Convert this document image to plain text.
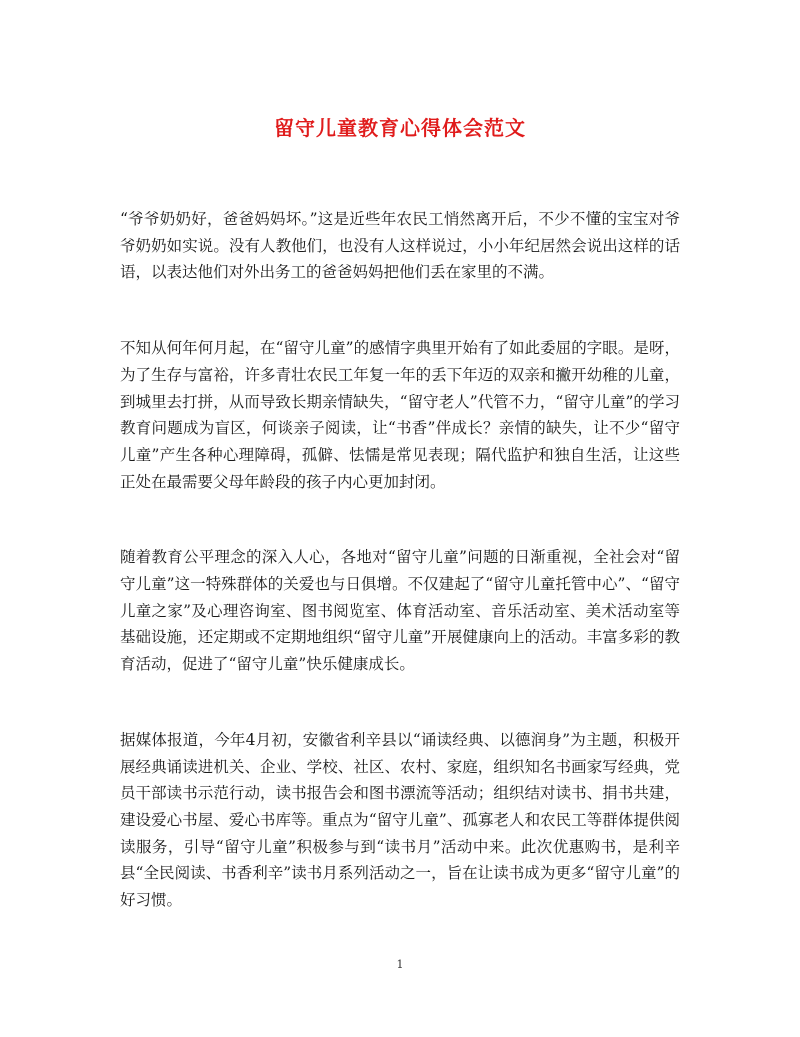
留守儿童教育心得体会范文

“爷爷奶奶好，爸爸妈妈坏。”这是近些年农民工悄然离开后，不少不懂的宝宝对爷爷奶奶如实说。没有人教他们，也没有人这样说过，小小年纪居然会说出这样的话语，以表达他们对外出务工的爸爸妈妈把他们丢在家里的不满。

不知从何年何月起，在“留守儿童”的感情字典里开始有了如此委屈的字眼。是呀，为了生存与富裕，许多青壮农民工年复一年的丢下年迈的双亲和撇开幼稚的儿童，到城里去打拼，从而导致长期亲情缺失，“留守老人”代管不力，“留守儿童”的学习教育问题成为盲区，何谈亲子阅读，让“书香”伴成长？亲情的缺失，让不少“留守儿童”产生各种心理障碍，孤僻、怯懦是常见表现；隔代监护和独自生活，让这些正处在最需要父母年龄段的孩子内心更加封闭。

随着教育公平理念的深入人心，各地对“留守儿童”问题的日渐重视，全社会对“留守儿童”这一特殊群体的关爱也与日俱增。不仅建起了“留守儿童托管中心”、“留守儿童之家”及心理咨询室、图书阅览室、体育活动室、音乐活动室、美术活动室等基础设施，还定期或不定期地组织“留守儿童”开展健康向上的活动。丰富多彩的教育活动，促进了“留守儿童”快乐健康成长。

据媒体报道，今年4月初，安徽省利辛县以“诵读经典、以德润身”为主题，积极开展经典诵读进机关、企业、学校、社区、农村、家庭，组织知名书画家写经典，党员干部读书示范行动，读书报告会和图书漂流等活动；组织结对读书、捐书共建，建设爱心书屋、爱心书库等。重点为“留守儿童”、孤寡老人和农民工等群体提供阅读服务，引导“留守儿童”积极参与到“读书月”活动中来。此次优惠购书，是利辛县“全民阅读、书香利辛”读书月系列活动之一，旨在让读书成为更多“留守儿童”的好习惯。

1
